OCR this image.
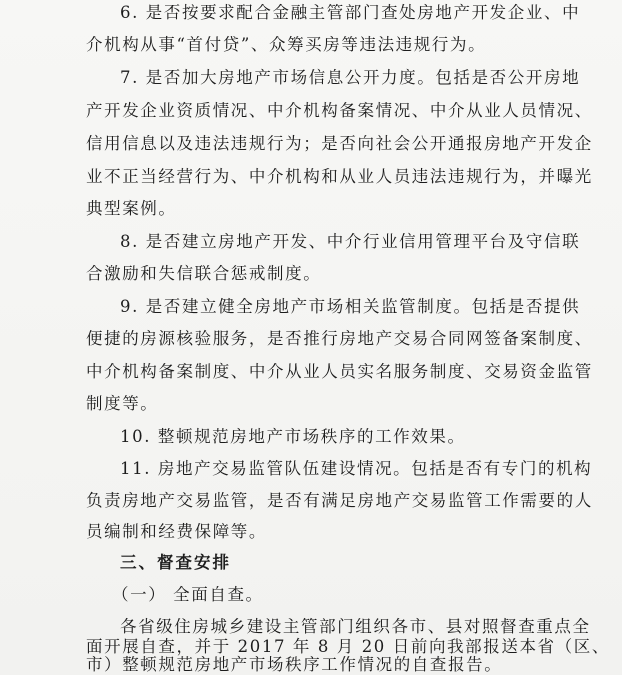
6. 是否按要求配合金融主管部门查处房地产开发企业、中
介机构从事“首付贷”、众筹买房等违法违规行为。
7. 是否加大房地产市场信息公开力度。包括是否公开房地
产开发企业资质情况、中介机构备案情况、中介从业人员情况、
信用信息以及违法违规行为；是否向社会公开通报房地产开发企
业不正当经营行为、中介机构和从业人员违法违规行为，并曝光
典型案例。
8. 是否建立房地产开发、中介行业信用管理平台及守信联
合激励和失信联合惩戒制度。
9. 是否建立健全房地产市场相关监管制度。包括是否提供
便捷的房源核验服务，是否推行房地产交易合同网签备案制度、
中介机构备案制度、中介从业人员实名服务制度、交易资金监管
制度等。
10. 整顿规范房地产市场秩序的工作效果。
11. 房地产交易监管队伍建设情况。包括是否有专门的机构
负责房地产交易监管，是否有满足房地产交易监管工作需要的人
员编制和经费保障等。
三、督查安排
（一） 全面自查。
各省级住房城乡建设主管部门组织各市、县对照督查重点全
面开展自查，并于 2017 年 8 月 20 日前向我部报送本省（区、
市）整顿规范房地产市场秩序工作情况的自查报告。
